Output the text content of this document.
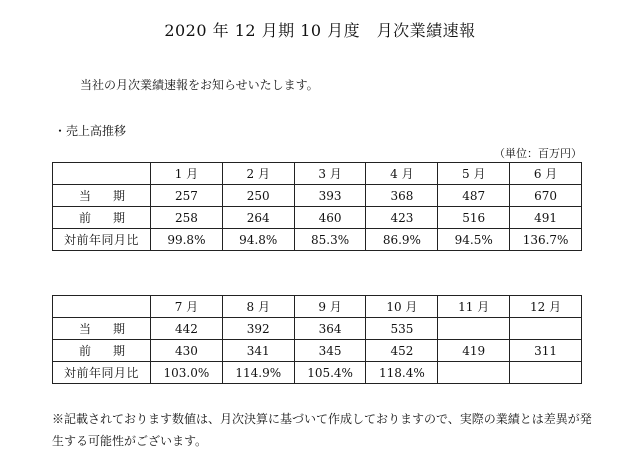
2020 年 12 月期 10 月度　月次業績速報
当社の月次業績速報をお知らせいたします。
・売上高推移
（単位：百万円）
	1 月	2 月	3 月	4 月	5 月	6 月
当期	257	250	393	368	487	670
前期	258	264	460	423	516	491
対前年同月比	99.8%	94.8%	85.3%	86.9%	94.5%	136.7%
	7 月	8 月	9 月	10 月	11 月	12 月
当期	442	392	364	535		
前期	430	341	345	452	419	311
対前年同月比	103.0%	114.9%	105.4%	118.4%		
※記載されております数値は、月次決算に基づいて作成しておりますので、実際の業績とは差異が発生する可能性がございます。
